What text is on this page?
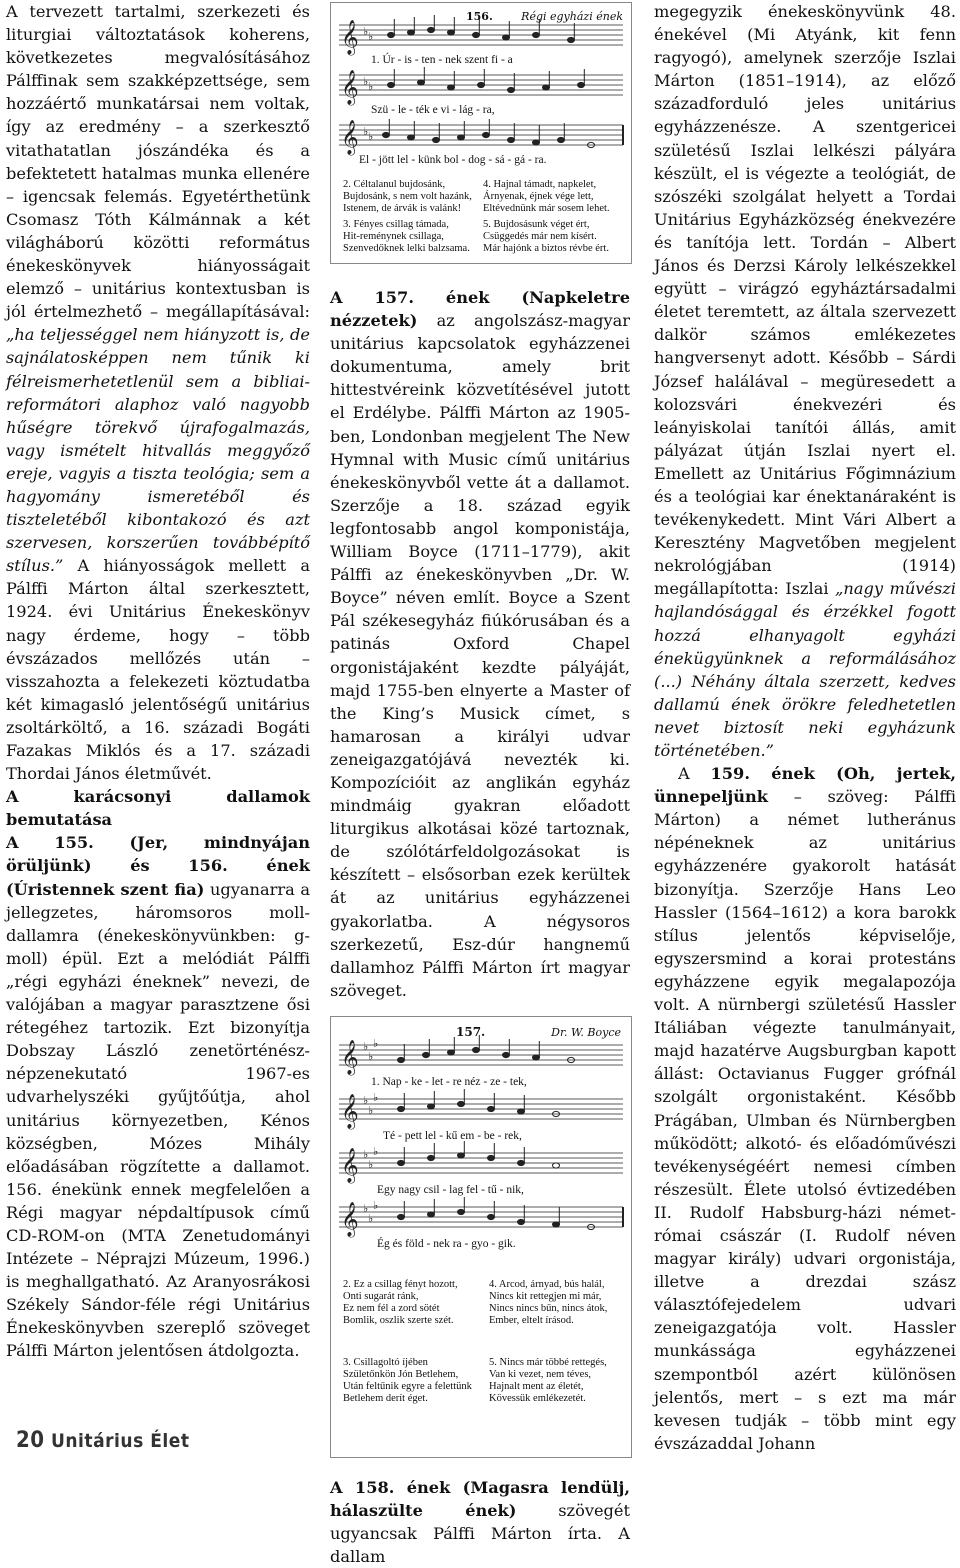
A tervezett tartalmi, szerkezeti és liturgiai változtatások koherens, következetes megvalósításához Pálffinak sem szakképzettsége, sem hozzáértő munkatársai nem voltak, így az eredmény – a szerkesztő vitathatatlan jószándéka és a befektetett hatalmas munka ellenére – igencsak felemás. Egyetérthetünk Csomasz Tóth Kálmánnak a két világháború közötti református énekeskönyvek hiányosságait elemző – unitárius kontextusban is jól értelmezhető – megállapításával: „ha teljességgel nem hiányzott is, de sajnálatosképpen nem tűnik ki félreismerhetetlenül sem a bibliai-reformátori alaphoz való nagyobb hűségre törekvő újrafogalmazás, vagy ismételt hitvallás meggyőző ereje, vagyis a tiszta teológia; sem a hagyomány ismeretéből és tiszteletéből kibontakozó és azt szervesen, korszerűen továbbépítő stílus.” A hiányosságok mellett a Pálffi Márton által szerkesztett, 1924. évi Unitárius Énekeskönyv nagy érdeme, hogy – több évszázados mellőzés után – visszahozta a felekezeti köztudatba két kimagasló jelentőségű unitárius zsoltárköltő, a 16. századi Bogáti Fazakas Miklós és a 17. századi Thordai János életművét.

A karácsonyi dallamok bemutatása

A 155. (Jer, mindnyájan örüljünk) és 156. ének (Úristennek szent fia) ugyanarra a jellegzetes, háromsoros moll-dallamra (énekeskönyvünkben: g-moll) épül. Ezt a melódiát Pálffi „régi egyházi éneknek” nevezi, de valójában a magyar parasztzene ősi rétegéhez tartozik. Ezt bizonyítja Dobszay László zenetörténész-népzenekutató 1967-es udvarhelyszéki gyűjtőútja, ahol unitárius környezetben, Kénos községben, Mózes Mihály előadásában rögzítette a dallamot. 156. énekünk ennek megfelelően a Régi magyar népdaltípusok című CD-ROM-on (MTA Zenetudományi Intézete – Néprajzi Múzeum, 1996.) is meghallgatható. Az Aranyosrákosi Székely Sándor-féle régi Unitárius Énekeskönyvben szereplő szöveget Pálffi Márton jelentősen átdolgozta.

𝄞
𝄞
𝄞
♭ ♭
♭ ♭
♭ ♭
156.	Régi egyházi ének
1. Úr - is - ten - nek szent fi - a
Szü - le - ték e vi - lág - ra,
El - jött lel - künk bol - dog - sá - gá - ra.
2. Céltalanul bujdosánk,
Bujdosánk, s nem volt hazánk,
Istenem, de árvák is valánk!
3. Fényes csillag támada,
Hit-reménynek csillaga,
Szenvedőknek lelki balzsama.
4. Hajnal támadt, napkelet,
Árnyenak, éjnek vége lett,
Eltévednünk már sosem lehet.
5. Bujdosásunk véget ért,
Csüggedés már nem kísért.
Már hajónk a biztos révbe ért.

A 157. ének (Napkeletre nézzetek) az angolszász-magyar unitárius kapcsolatok egyházzenei dokumentuma, amely brit hittestvéreink közvetítésével jutott el Erdélybe. Pálffi Márton az 1905-ben, Londonban megjelent The New Hymnal with Music című unitárius énekeskönyvből vette át a dallamot. Szerzője a 18. század egyik legfontosabb angol komponistája, William Boyce (1711–1779), akit Pálffi az énekeskönyvben „Dr. W. Boyce” néven említ. Boyce a Szent Pál székesegyház fiúkórusában és a patinás Oxford Chapel orgonistájaként kezdte pályáját, majd 1755-ben elnyerte a Master of the King’s Musick címet, s hamarosan a királyi udvar zeneigazgatójává nevezték ki. Kompozícióit az anglikán egyház mindmáig gyakran előadott liturgikus alkotásai közé tartoznak, de szólótárfeldolgozásokat is készített – elsősorban ezek kerültek át az unitárius egyházzenei gyakorlatba. A négysoros szerkezetű, Esz-dúr hangnemű dallamhoz Pálffi Márton írt magyar szöveget.

𝄞
𝄞
𝄞
𝄞
♭
♭
♭
♭
♭
♭
♭
♭
♭
♭
♭
♭
157.	Dr. W. Boyce
1. Nap - ke - let - re néz - ze - tek,
Té - pett lel - kű em - be - rek,
Egy nagy csil - lag fel - tű - nik,
Ég és föld - nek ra - gyo - gik.
2. Ez a csillag fényt hozott,
Onti sugarát ránk,
Ez nem fél a zord sötét
Bomlik, oszlik szerte szét.
3. Csillagoltó íjében
Születőnkön Jón Betlehem,
Után feltűnik egyre a felettünk
Betlehem derít éget.
4. Arcod, árnyad, bús halál,
Nincs kit rettegjen mi már,
Nincs nincs bűn, nincs átok,
Ember, eltelt írásod.
5. Nincs már többé rettegés,
Van ki vezet, nem téves,
Hajnalt ment az életét,
Kövessük emlékezetét.

A 158. ének (Magasra lendülj, hálaszülte ének) szövegét ugyancsak Pálffi Márton írta. A dallam

megegyzik énekeskönyvünk 48. énekével (Mi Atyánk, kit fenn ragyogó), amelynek szerzője Iszlai Márton (1851–1914), az előző századforduló jeles unitárius egyházzenésze. A szentgericei születésű Iszlai lelkészi pályára készült, el is végezte a teológiát, de szószéki szolgálat helyett a Tordai Unitárius Egyházközség énekvezére és tanítója lett. Tordán – Albert János és Derzsi Károly lelkészekkel együtt – virágzó egyháztársadalmi életet teremtett, az általa szervezett dalkör számos emlékezetes hangversenyt adott. Később – Sárdi József halálával – megüresedett a kolozsvári énekvezéri és leányiskolai tanítói állás, amit pályázat útján Iszlai nyert el. Emellett az Unitárius Főgimnázium és a teológiai kar énektanáraként is tevékenykedett. Mint Vári Albert a Keresztény Magvetőben megjelent nekrológjában (1914) megállapította: Iszlai „nagy művészi hajlandósággal és érzékkel fogott hozzá elhanyagolt egyházi énekügyünknek a reformálásához (...) Néhány általa szerzett, kedves dallamú ének örökre feledhetetlen nevet biztosít neki egyházunk történetében.”

A 159. ének (Oh, jertek, ünnepeljünk – szöveg: Pálffi Márton) a német lutheránus népéneknek az unitárius egyházzenére gyakorolt hatását bizonyítja. Szerzője Hans Leo Hassler (1564–1612) a kora barokk stílus jelentős képviselője, egyszersmind a korai protestáns egyházzene egyik megalapozója volt. A nürnbergi születésű Hassler Itáliában végezte tanulmányait, majd hazatérve Augsburgban kapott állást: Octavianus Fugger grófnál szolgált orgonistaként. Később Prágában, Ulmban és Nürnbergben működött; alkotó- és előadóművészi tevékenységéért nemesi címben részesült. Élete utolsó évtizedében II. Rudolf Habsburg-házi német-római császár (I. Rudolf néven magyar király) udvari orgonistája, illetve a drezdai szász választófejedelem udvari zeneigazgatója volt. Hassler munkássága egyházzenei szempontból azért különösen jelentős, mert – s ezt ma már kevesen tudják – több mint egy évszázaddal Johann

20 Unitárius Élet
